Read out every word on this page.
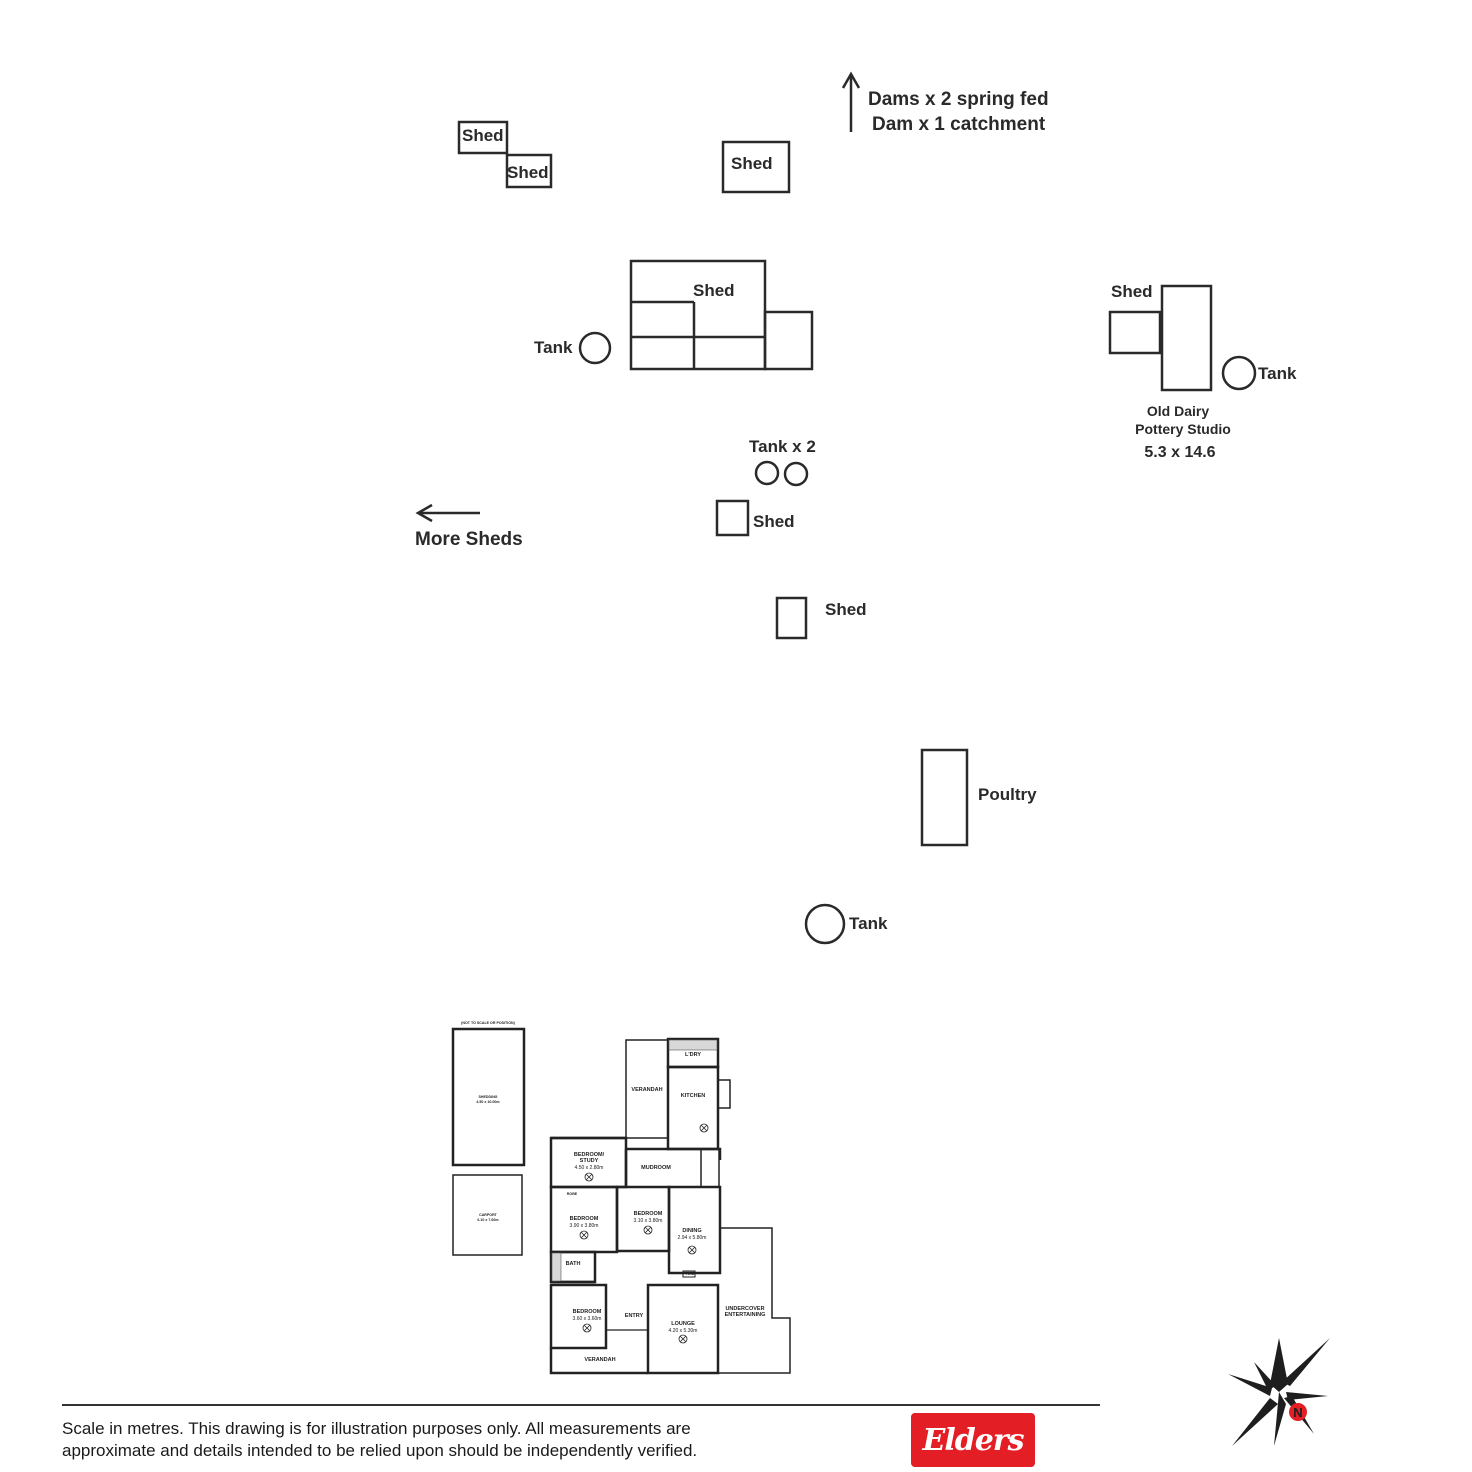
Dams x 2 spring fed
Dam x 1 catchment
Shed
Shed	Shed
Shed
Tank
Shed
Tank
Old Dairy
Pottery Studio
5.3 x 14.6
Tank x 2
Shed
More Sheds
Shed
Poultry
Tank
(NOT TO SCALE OR POSITION)
SHEDDING
4.50 x 10.00m
CARPORT
6.10 x 7.60m
L'DRY
VERANDAH
KITCHEN
BEDROOM/
STUDY
4.50 x 2.80m	MUDROOM
ROBE
BEDROOM
3.90 x 3.80m
BEDROOM
3.10 x 3.80m
DINING
2.94 x 5.80m
BATH
FIRE
BEDROOM
3.60 x 3.60m	ENTRY
LOUNGE
4.20 x 5.30m
UNDERCOVER
ENTERTAINING
VERANDAH
Scale in metres. This drawing is for illustration purposes only. All measurements are
approximate and details intended to be relied upon should be independently verified.	Elders
N
